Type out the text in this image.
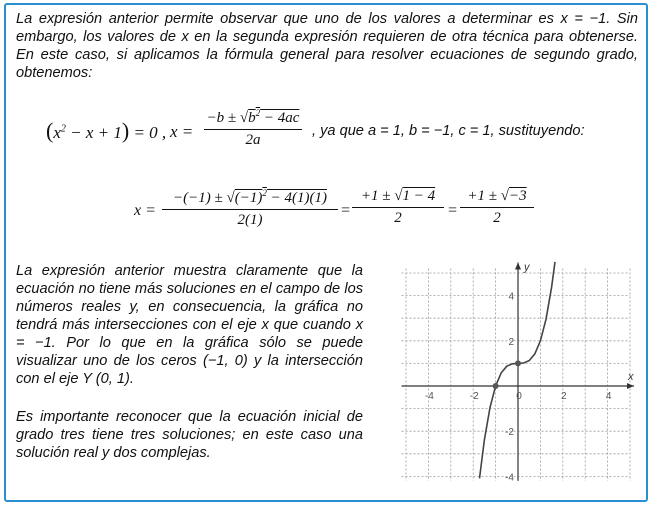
La expresión anterior permite observar que uno de los valores a determinar es x = −1. Sin embargo, los valores de x en la segunda expresión requieren de otra técnica para obtenerse. En este caso, si aplicamos la fórmula general para resolver ecuaciones de segundo grado, obtenemos:
$(x^2 - x + 1) = 0$ , $x = \frac{-b \pm √b^2 - 4ac}{2a}$ , ya que a = 1, b = −1, c = 1, sustituyendo:
$x = \frac{-(-1) \pm √(-1)^2 - 4(1)(1)}{2(1)} = \frac{+1 \pm √1 - 4}{2} = \frac{+1 \pm √-3}{2}$
La expresión anterior muestra claramente que la ecuación no tiene más soluciones en el campo de los números reales y, en consecuencia, la gráfica no tendrá más intersecciones con el eje x que cuando x = −1. Por lo que en la gráfica sólo se puede visualizar uno de los ceros (−1, 0) y la intersección con el eje Y (0, 1).
Es importante reconocer que la ecuación inicial de grado tres tiene tres soluciones; en este caso una solución real y dos complejas.
x
y
-4	-2	0	2	4
4
2
-2
-4
